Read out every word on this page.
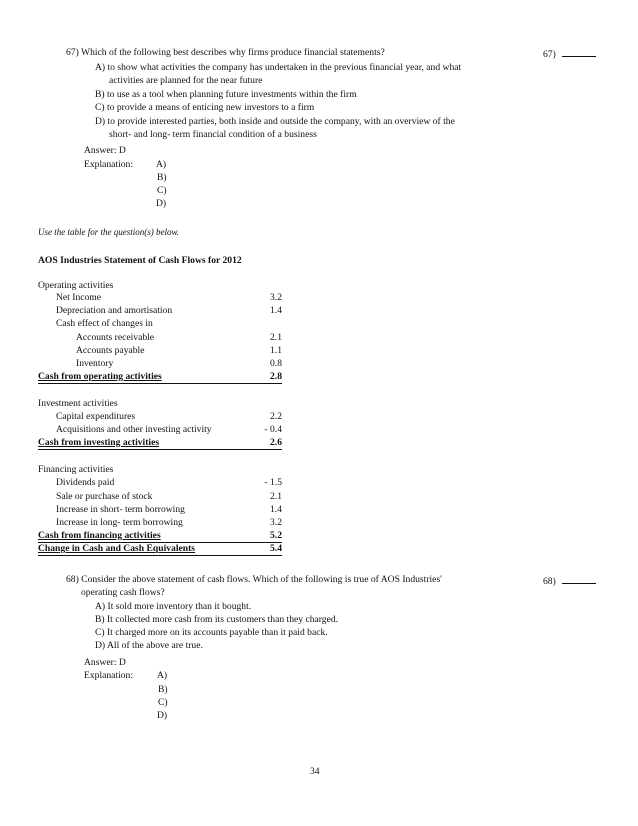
67) Which of the following best describes why firms produce financial statements?	67)
A) to show what activities the company has undertaken in the previous financial year, and what
activities are planned for the near future
B) to use as a tool when planning future investments within the firm
C) to provide a means of enticing new investors to a firm
D) to provide interested parties, both inside and outside the company, with an overview of the
short- and long- term financial condition of a business
Answer: D
Explanation: A)
B)
C)
D)
Use the table for the question(s) below.
AOS Industries Statement of Cash Flows for 2012
Operating activities
Net Income	3.2
Depreciation and amortisation	1.4
Cash effect of changes in
Accounts receivable	2.1
Accounts payable	1.1
Inventory	0.8
Cash from operating activities	2.8
Investment activities
Capital expenditures	2.2
Acquisitions and other investing activity	- 0.4
Cash from investing activities	2.6
Financing activities
Dividends paid	- 1.5
Sale or purchase of stock	2.1
Increase in short- term borrowing	1.4
Increase in long- term borrowing	3.2
Cash from financing activities	5.2
Change in Cash and Cash Equivalents	5.4
68) Consider the above statement of cash flows. Which of the following is true of AOS Industries'	68)
operating cash flows?
A) It sold more inventory than it bought.
B) It collected more cash from its customers than they charged.
C) It charged more on its accounts payable than it paid back.
D) All of the above are true.
Answer: D
Explanation: A)
B)
C)
D)
34
